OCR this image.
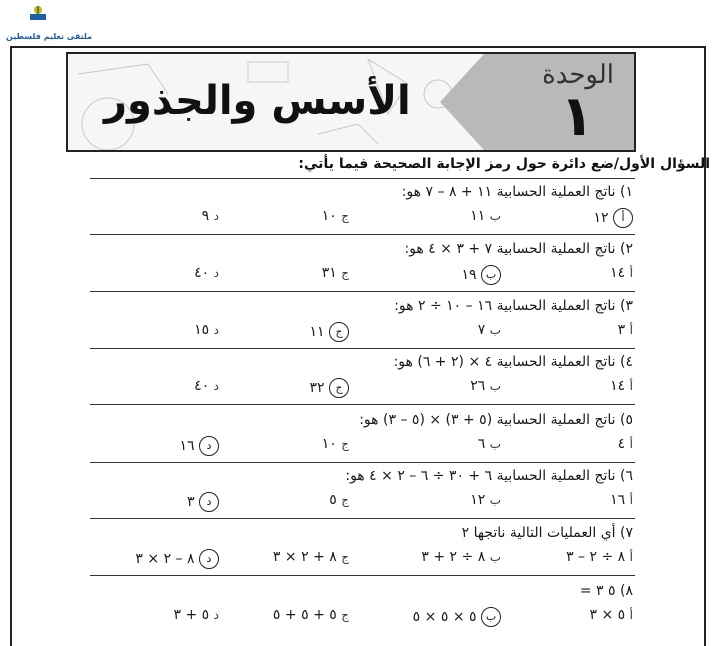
ملتقى تعليم فلسطين
الوحدة
١
الأسس والجذور
السؤال الأول/ضع دائرة حول رمز الإجابة الصحيحة فيما يأتي:
١) ناتج العملية الحسابية ١١ + ٨ – ٧ هو:
أ ١٢
ب ١١
ج ١٠
د ٩
٢) ناتج العملية الحسابية ٧ + ٣ × ٤ هو:
أ ١٤
ب ١٩
ج ٣١
د ٤٠
٣) ناتج العملية الحسابية ١٦ – ١٠ ÷ ٢ هو:
أ ٣
ب ٧
ج ١١
د ١٥
٤) ناتج العملية الحسابية ٤ × (٢ + ٦) هو:
أ ١٤
ب ٢٦
ج ٣٢
د ٤٠
٥) ناتج العملية الحسابية (٥ + ٣) × (٥ – ٣) هو:
أ ٤
ب ٦
ج ١٠
د ١٦
٦) ناتج العملية الحسابية ٦ + ٣٠ ÷ ٦ – ٢ × ٤ هو:
أ ١٦
ب ١٢
ج ٥
د ٣
٧) أي العمليات التالية ناتجها ٢
أ ٨ ÷ ٢ – ٣
ب ٨ ÷ ٢ + ٣
ج ٨ + ٢ × ٣
د ٨ – ٢ × ٣
٨) ٥ ٣ =
أ ٥ × ٣
ب ٥ × ٥ × ٥
ج ٥ + ٥ + ٥
د ٥ + ٣
